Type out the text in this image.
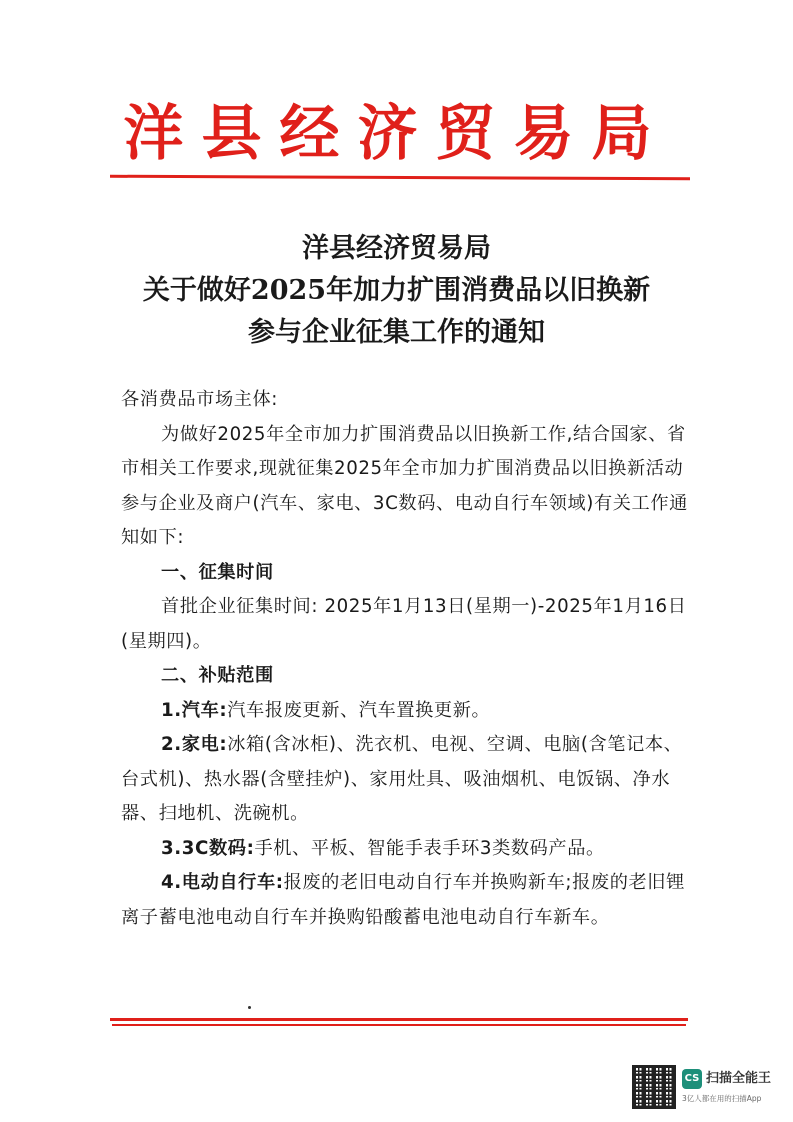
洋县经济贸易局
洋县经济贸易局
关于做好2025年加力扩围消费品以旧换新
参与企业征集工作的通知

各消费品市场主体:

为做好2025年全市加力扩围消费品以旧换新工作,结合国家、省市相关工作要求,现就征集2025年全市加力扩围消费品以旧换新活动参与企业及商户(汽车、家电、3C数码、电动自行车领域)有关工作通知如下:

一、征集时间

首批企业征集时间: 2025年1月13日(星期一)-2025年1月16日(星期四)。

二、补贴范围

1.汽车:汽车报废更新、汽车置换更新。

2.家电:冰箱(含冰柜)、洗衣机、电视、空调、电脑(含笔记本、台式机)、热水器(含壁挂炉)、家用灶具、吸油烟机、电饭锅、净水器、扫地机、洗碗机。

3.3C数码:手机、平板、智能手表手环3类数码产品。

4.电动自行车:报废的老旧电动自行车并换购新车;报废的老旧锂离子蓄电池电动自行车并换购铅酸蓄电池电动自行车新车。

CS 扫描全能王
3亿人都在用的扫描App
